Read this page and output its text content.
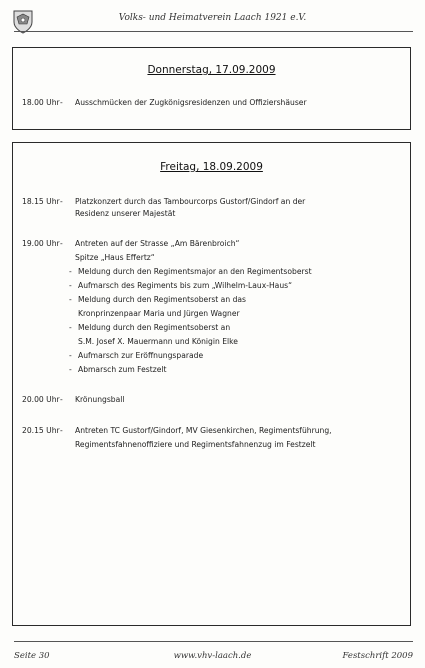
Volks- und Heimatverein Laach 1921 e.V.
Donnerstag, 17.09.2009
18.00 Uhr - Ausschmücken der Zugkönigsresidenzen und Offiziershäuser
Freitag, 18.09.2009
18.15 Uhr - Platzkonzert durch das Tambourcorps Gustorf/Gindorf an der
Residenz unserer Majestät
19.00 Uhr - Antreten auf der Strasse „Am Bärenbroich“
Spitze „Haus Effertz“
- Meldung durch den Regimentsmajor an den Regimentsoberst
- Aufmarsch des Regiments bis zum „Wilhelm-Laux-Haus“
- Meldung durch den Regimentsoberst an das
Kronprinzenpaar Maria und Jürgen Wagner
- Meldung durch den Regimentsoberst an
S.M. Josef X. Mauermann und Königin Elke
- Aufmarsch zur Eröffnungsparade
- Abmarsch zum Festzelt
20.00 Uhr - Krönungsball
20.15 Uhr - Antreten TC Gustorf/Gindorf, MV Giesenkirchen, Regimentsführung,
Regimentsfahnenoffiziere und Regimentsfahnenzug im Festzelt
Seite 30	www.vhv-laach.de	Festschrift 2009
